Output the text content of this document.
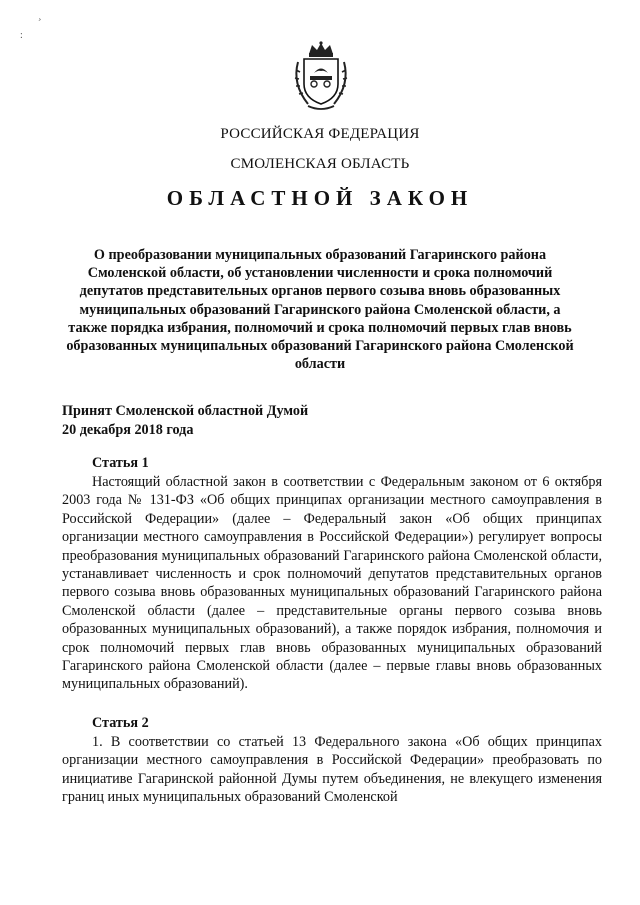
¸
:
РОССИЙСКАЯ ФЕДЕРАЦИЯ
СМОЛЕНСКАЯ ОБЛАСТЬ
ОБЛАСТНОЙ ЗАКОН
О преобразовании муниципальных образований Гагаринского района Смоленской области, об установлении численности и срока полномочий депутатов представительных органов первого созыва вновь образованных муниципальных образований Гагаринского района Смоленской области, а также порядка избрания, полномочий и срока полномочий первых глав вновь образованных муниципальных образований Гагаринского района Смоленской области
Принят Смоленской областной Думой
20 декабря 2018 года
Статья 1

Настоящий областной закон в соответствии с Федеральным законом от 6 октября 2003 года № 131-ФЗ «Об общих принципах организации местного самоуправления в Российской Федерации» (далее – Федеральный закон «Об общих принципах организации местного самоуправления в Российской Федерации») регулирует вопросы преобразования муниципальных образований Гагаринского района Смоленской области, устанавливает численность и срок полномочий депутатов представительных органов первого созыва вновь образованных муниципальных образований Гагаринского района Смоленской области (далее – представительные органы первого созыва вновь образованных муниципальных образований), а также порядок избрания, полномочия и срок полномочий первых глав вновь образованных муниципальных образований Гагаринского района Смоленской области (далее – первые главы вновь образованных муниципальных образований).

Статья 2

1. В соответствии со статьей 13 Федерального закона «Об общих принципах организации местного самоуправления в Российской Федерации» преобразовать по инициативе Гагаринской районной Думы путем объединения, не влекущего изменения границ иных муниципальных образований Смоленской
